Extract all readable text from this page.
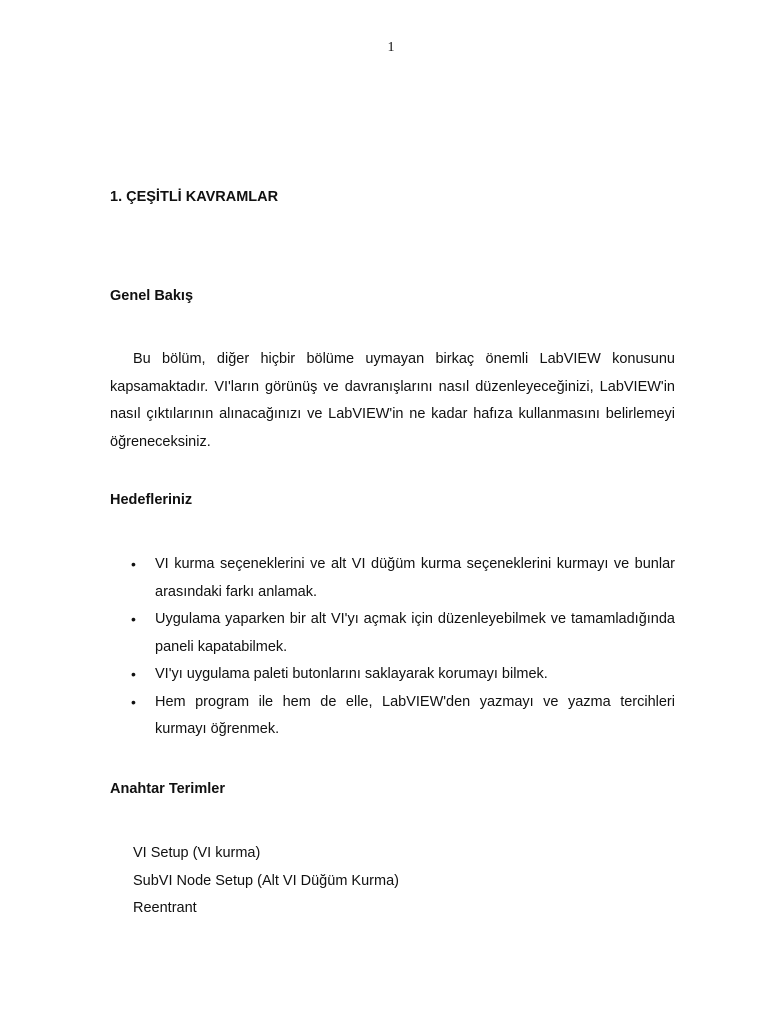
1
1. ÇEŞİTLİ KAVRAMLAR
Genel Bakış

Bu bölüm, diğer hiçbir bölüme uymayan birkaç önemli LabVIEW konusunu kapsamaktadır. VI'ların görünüş ve davranışlarını nasıl düzenleyeceğinizi, LabVIEW'in nasıl çıktılarının alınacağınızı ve LabVIEW'in ne kadar hafıza kullanmasını belirlemeyi öğreneceksiniz.

Hedefleriniz
• VI kurma seçeneklerini ve alt VI düğüm kurma seçeneklerini kurmayı ve bunlar arasındaki farkı anlamak.
• Uygulama yaparken bir alt VI'yı açmak için düzenleyebilmek ve tamamladığında paneli kapatabilmek.
• VI'yı uygulama paleti butonlarını saklayarak korumayı bilmek.
• Hem program ile hem de elle, LabVIEW'den yazmayı ve yazma tercihleri kurmayı öğrenmek.
Anahtar Terimler
VI Setup (VI kurma)
SubVI Node Setup (Alt VI Düğüm Kurma)
Reentrant
